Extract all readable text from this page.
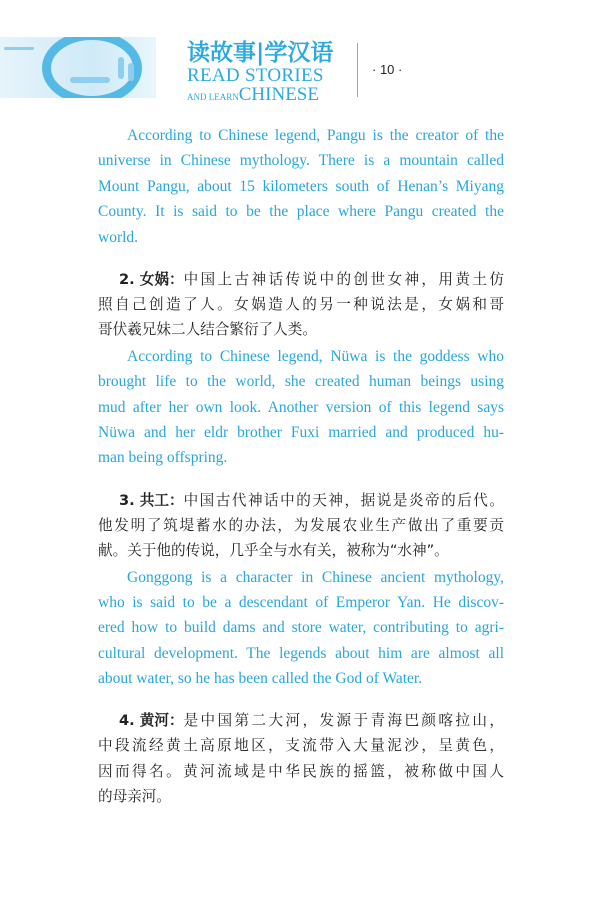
读故事|学汉语
READ STORIES
AND LEARNCHINESE
· 10 ·
According to Chinese legend, Pangu is the creator of the
universe in Chinese mythology. There is a mountain called
Mount Pangu, about 15 kilometers south of Henan’s Miyang
County. It is said to be the place where Pangu created the
world.
2. 女娲： 中国上古神话传说中的创世女神，用黄土仿
照自己创造了人。女娲造人的另一种说法是，女娲和哥
哥伏羲兄妹二人结合繁衍了人类。
According to Chinese legend, Nüwa is the goddess who
brought life to the world, she created human beings using
mud after her own look. Another version of this legend says
Nüwa and her eldr brother Fuxi married and produced hu-
man being offspring.
3. 共工： 中国古代神话中的天神，据说是炎帝的后代。
他发明了筑堤蓄水的办法，为发展农业生产做出了重要贡
献。关于他的传说，几乎全与水有关，被称为“水神”。
Gonggong is a character in Chinese ancient mythology,
who is said to be a descendant of Emperor Yan. He discov-
ered how to build dams and store water, contributing to agri-
cultural development. The legends about him are almost all
about water, so he has been called the God of Water.
4. 黄河： 是中国第二大河，发源于青海巴颜喀拉山，
中段流经黄土高原地区，支流带入大量泥沙，呈黄色，
因而得名。黄河流域是中华民族的摇篮，被称做中国人
的母亲河。
